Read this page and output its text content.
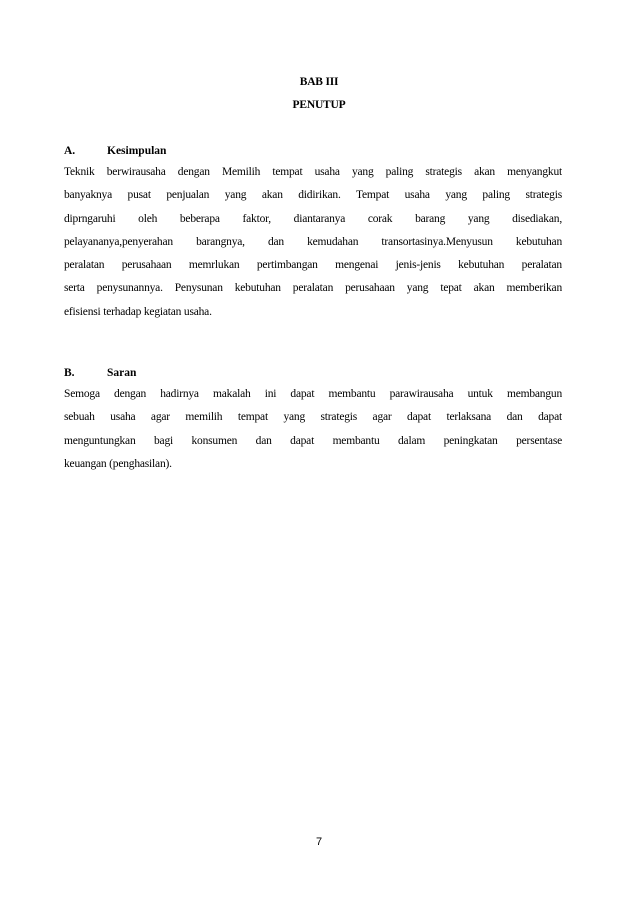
BAB III
PENUTUP
A.	Kesimpulan
Teknik berwirausaha dengan Memilih tempat usaha yang paling strategis akan menyangkut
banyaknya pusat penjualan yang akan didirikan. Tempat usaha yang paling strategis
diprngaruhi oleh beberapa faktor, diantaranya corak barang yang disediakan,
pelayananya,penyerahan barangnya, dan kemudahan transortasinya.Menyusun kebutuhan
peralatan perusahaan memrlukan pertimbangan mengenai jenis-jenis kebutuhan peralatan
serta penysunannya. Penysunan kebutuhan peralatan perusahaan yang tepat akan memberikan
efisiensi terhadap kegiatan usaha.
B.	Saran
Semoga dengan hadirnya makalah ini dapat membantu parawirausaha untuk membangun
sebuah usaha agar memilih tempat yang strategis agar dapat terlaksana dan dapat
menguntungkan bagi konsumen dan dapat membantu dalam peningkatan persentase
keuangan (penghasilan).
7
